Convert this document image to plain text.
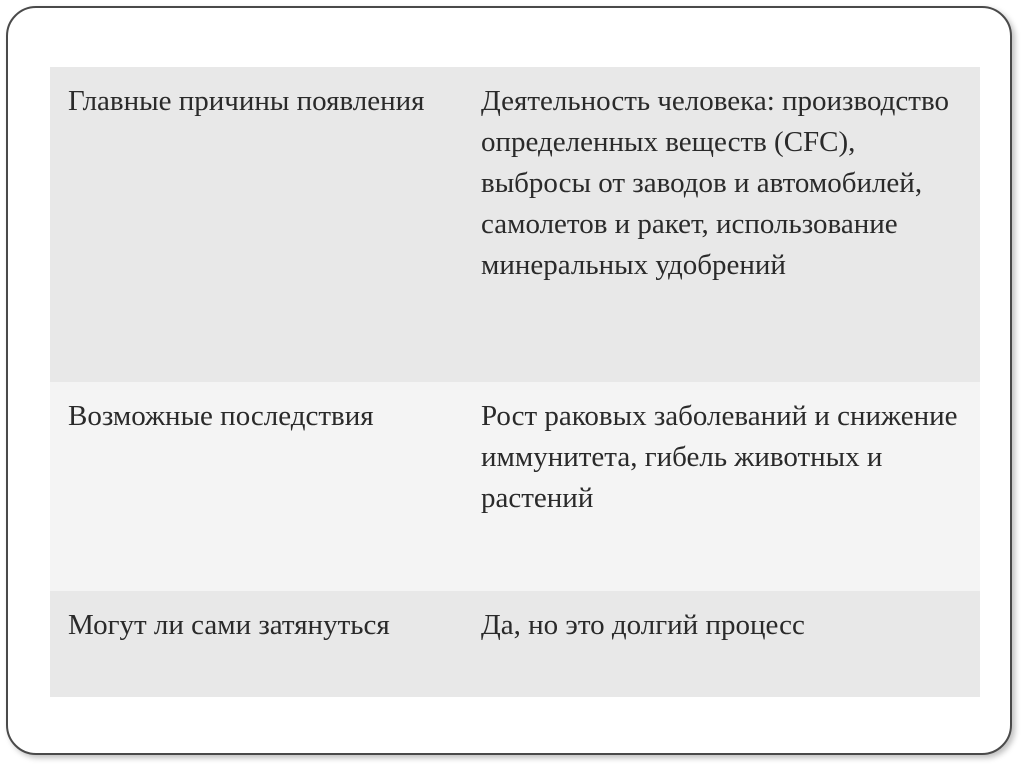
Главные причины появления	Деятельность человека: производство определенных веществ (CFC), выбросы от заводов и автомобилей, самолетов и ракет, использование минеральных удобрений
Возможные последствия	Рост раковых заболеваний и снижение иммунитета, гибель животных и растений
Могут ли сами затянуться	Да, но это долгий процесс
